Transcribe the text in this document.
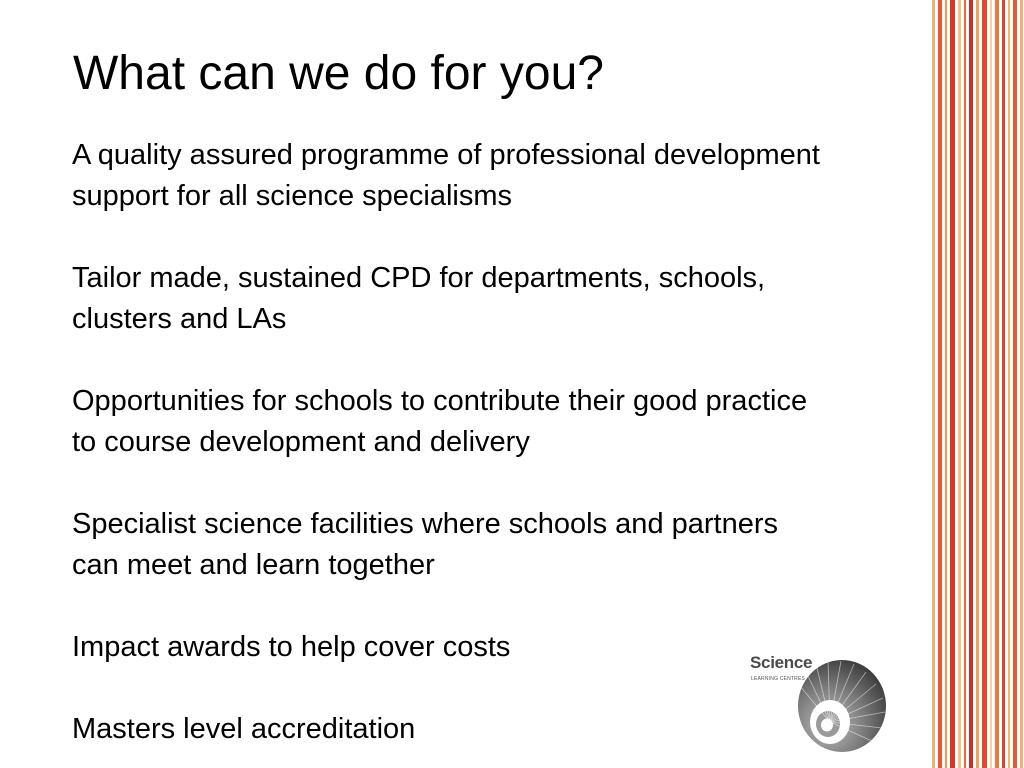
What can we do for you?

A quality assured programme of professional development support for all science specialisms

Tailor made, sustained CPD for departments, schools, clusters and LAs

Opportunities for schools to contribute their good practice to course development and delivery

Specialist science facilities where schools and partners can meet and learn together

Impact awards to help cover costs

Masters level accreditation

Science
LEARNING CENTRES
